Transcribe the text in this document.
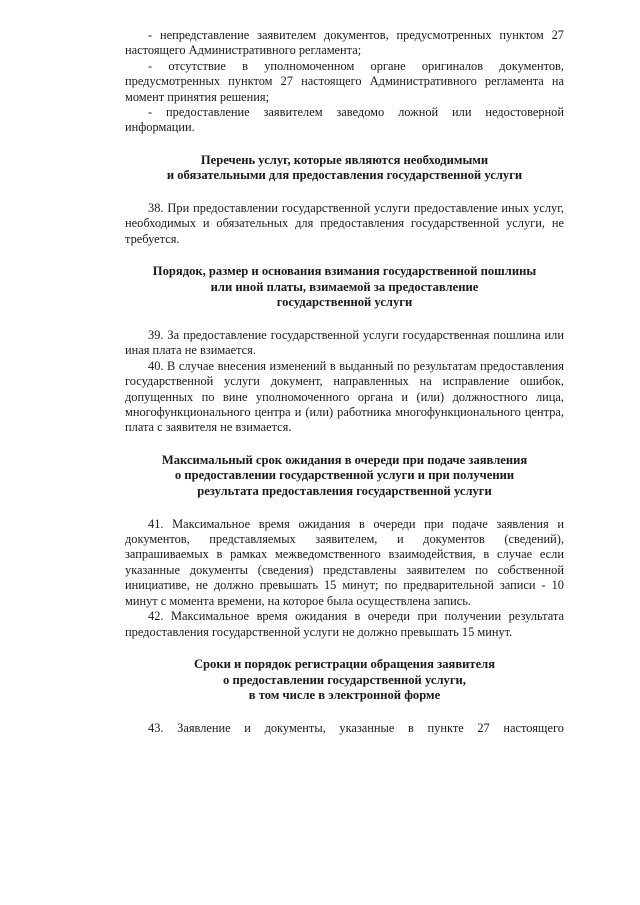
- непредставление заявителем документов, предусмотренных пунктом 27 настоящего Административного регламента;

- отсутствие в уполномоченном органе оригиналов документов, предусмотренных пунктом 27 настоящего Административного регламента на момент принятия решения;

- предоставление заявителем заведомо ложной или недостоверной информации.

Перечень услуг, которые являются необходимыми
и обязательными для предоставления государственной услуги

38. При предоставлении государственной услуги предоставление иных услуг, необходимых и обязательных для предоставления государственной услуги, не требуется.

Порядок, размер и основания взимания государственной пошлины
или иной платы, взимаемой за предоставление
государственной услуги

39. За предоставление государственной услуги государственная пошлина или иная плата не взимается.

40. В случае внесения изменений в выданный по результатам предоставления государственной услуги документ, направленных на исправление ошибок, допущенных по вине уполномоченного органа и (или) должностного лица, многофункционального центра и (или) работника многофункционального центра, плата с заявителя не взимается.

Максимальный срок ожидания в очереди при подаче заявления
о предоставлении государственной услуги и при получении
результата предоставления государственной услуги

41. Максимальное время ожидания в очереди при подаче заявления и документов, представляемых заявителем, и документов (сведений), запрашиваемых в рамках межведомственного взаимодействия, в случае если указанные документы (сведения) представлены заявителем по собственной инициативе, не должно превышать 15 минут; по предварительной записи - 10 минут с момента времени, на которое была осуществлена запись.

42. Максимальное время ожидания в очереди при получении результата предоставления государственной услуги не должно превышать 15 минут.

Сроки и порядок регистрации обращения заявителя
о предоставлении государственной услуги,
в том числе в электронной форме
43. Заявление и документы, указанные в пункте 27 настоящего
